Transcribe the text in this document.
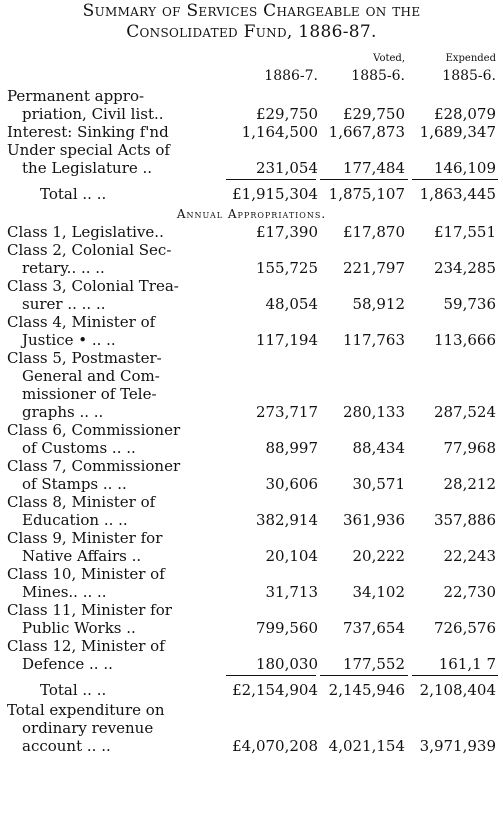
Summary of Services Chargeable on the
Consolidated Fund, 1886-87.
Voted,	Expended
1886-7. 1885-6.	1885-6.
Permanent appro-
priation, Civil list..	£29,750 £29,750 £28,079
Interest: Sinking f'nd	1,164,500 1,667,873 1,689,347
Under special Acts of
the Legislature ..	231,054 177,484 146,109
Total .. ..	£1,915,304 1,875,107 1,863,445
Annual Appropriations.
Class 1, Legislative..	£17,390 £17,870 £17,551
Class 2, Colonial Sec-
retary.. .. ..	155,725 221,797 234,285
Class 3, Colonial Trea-
surer .. .. ..	48,054 58,912	59,736
Class 4, Minister of
Justice • .. ..	117,194 117,763 113,666
Class 5, Postmaster-
General and Com-
missioner of Tele-
graphs .. ..	273,717 280,133 287,524
Class 6, Commissioner
of Customs .. ..	88,997 88,434	77,968
Class 7, Commissioner
of Stamps .. ..	30,606 30,571	28,212
Class 8, Minister of
Education .. ..	382,914 361,936 357,886
Class 9, Minister for
Native Affairs ..	20,104 20,222	22,243
Class 10, Minister of
Mines.. .. ..	31,713 34,102	22,730
Class 11, Minister for
Public Works ..	799,560 737,654 726,576
Class 12, Minister of
Defence .. ..	180,030 177,552 161,1 7
Total .. ..	£2,154,904 2,145,946 2,108,404
Total expenditure on
ordinary revenue
account .. ..	£4,070,208 4,021,154 3,971,939
